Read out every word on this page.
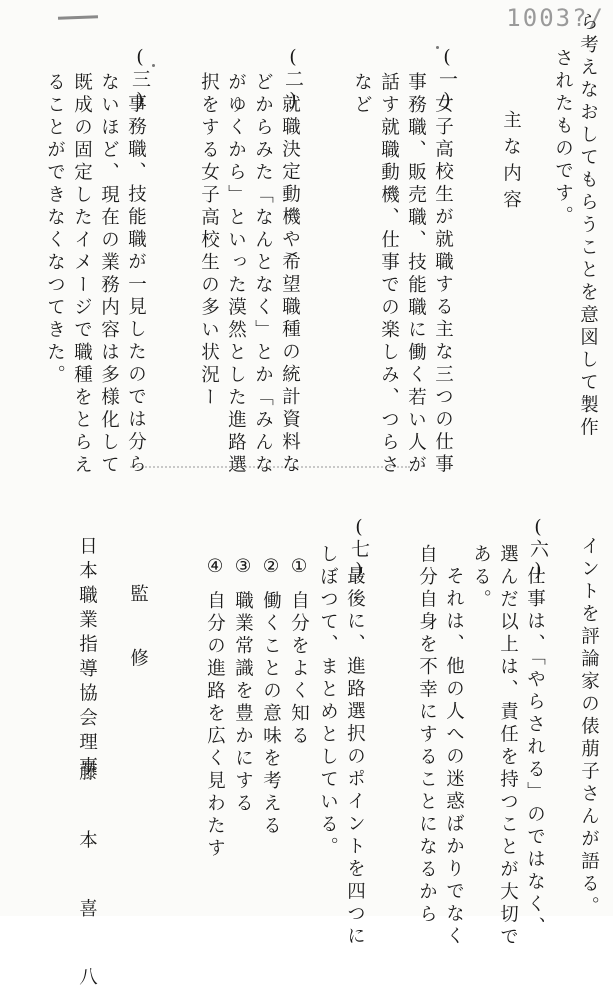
1003?/
ら考えなおしてもらうことを意図して製作
されたものです。
主な内容
(一)
女子高校生が就職する主な三つの仕事
事務職、販売職、技能職に働く若い人が
話す就職動機、仕事での楽しみ、つらさ
など
(二)
就職決定動機や希望職種の統計資料な
どからみた「なんとなく」とか「みんな
がゆくから」といった漠然とした進路選
択をする女子高校生の多い状況ー
(三)
事務職、技能職が一見したのでは分ら
ないほど、現在の業務内容は多様化して
既成の固定したイメージで職種をとらえ
ることができなくなつてきた。
イントを評論家の俵萠子さんが語る。
(六)
仕事は、「やらされる」のではなく、
選んだ以上は、責任を持つことが大切で
ある。
それは、他の人への迷惑ばかりでなく
自分自身を不幸にすることになるから
(七)
最後に、進路選択のポイントを四つに
しぼつて、まとめとしている。
① 自分をよく知る
② 働くことの意味を考える
③ 職業常識を豊かにする
④ 自分の進路を広く見わたす
監 修
日本職業指導協会理事
藤 本 喜 八
